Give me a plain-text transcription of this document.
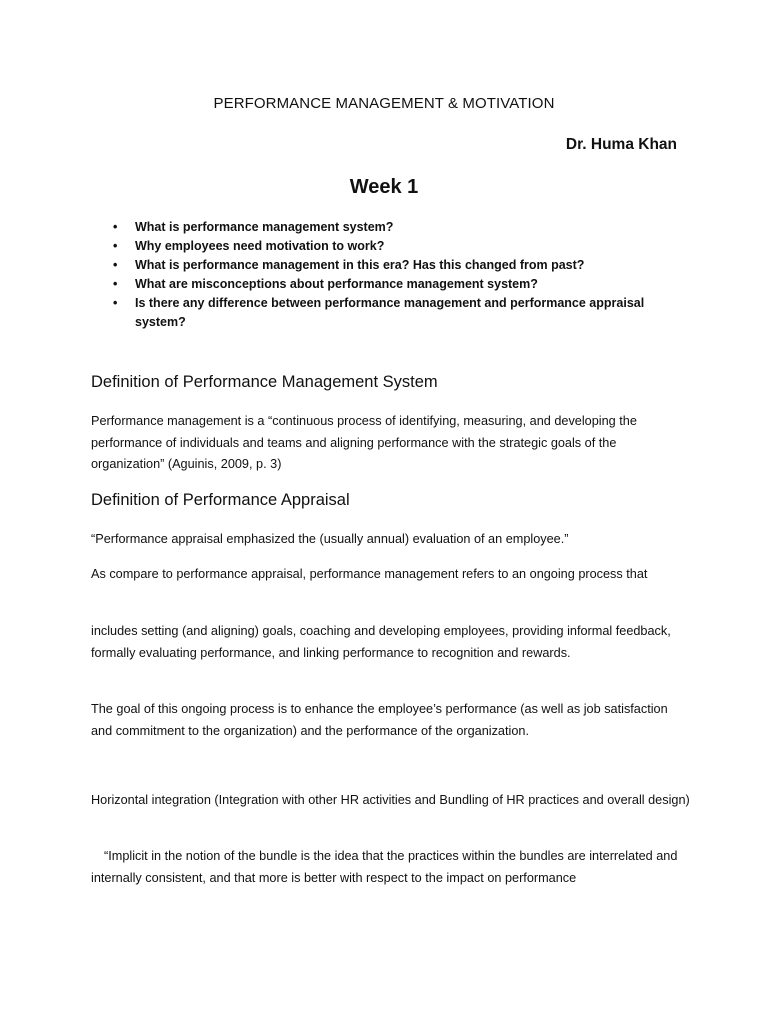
PERFORMANCE MANAGEMENT & MOTIVATION
Dr. Huma Khan
Week 1
• What is performance management system?
• Why employees need motivation to work?
• What is performance management in this era? Has this changed from past?
• What are misconceptions about performance management system?
• Is there any difference between performance management and performance appraisal system?
Definition of Performance Management System

Performance management is a “continuous process of identifying, measuring, and developing the performance of individuals and teams and aligning performance with the strategic goals of the organization” (Aguinis, 2009, p. 3)

Definition of Performance Appraisal

“Performance appraisal emphasized the (usually annual) evaluation of an employee.”

As compare to performance appraisal, performance management refers to an ongoing process that

includes setting (and aligning) goals, coaching and developing employees, providing informal feedback, formally evaluating performance, and linking performance to recognition and rewards.

The goal of this ongoing process is to enhance the employee’s performance (as well as job satisfaction and commitment to the organization) and the performance of the organization.

Horizontal integration (Integration with other HR activities and Bundling of HR practices and overall design)

“Implicit in the notion of the bundle is the idea that the practices within the bundles are interrelated and internally consistent, and that more is better with respect to the impact on performance
